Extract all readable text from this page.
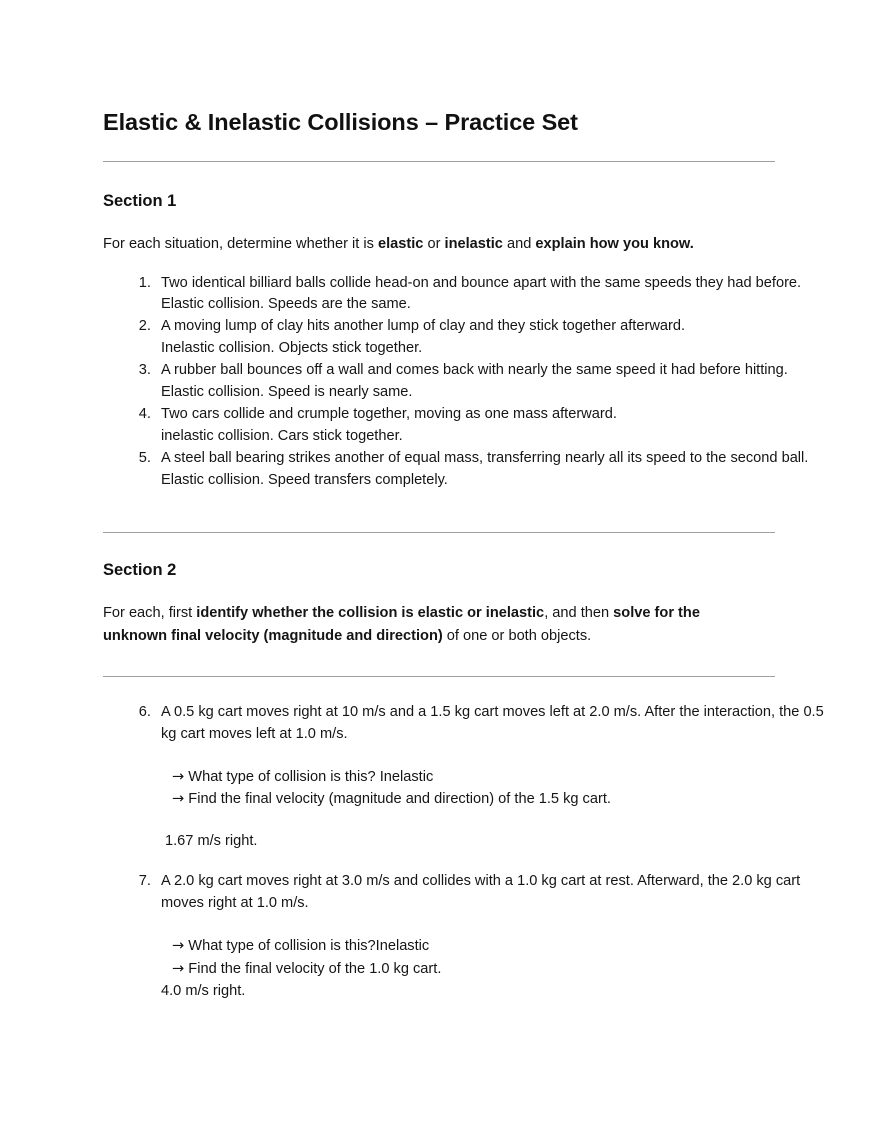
Elastic & Inelastic Collisions – Practice Set
Section 1

For each situation, determine whether it is elastic or inelastic and explain how you know.

1. Two identical billiard balls collide head-on and bounce apart with the same speeds they had before.
Elastic collision. Speeds are the same.
2. A moving lump of clay hits another lump of clay and they stick together afterward.
Inelastic collision. Objects stick together.
3. A rubber ball bounces off a wall and comes back with nearly the same speed it had before hitting.
Elastic collision. Speed is nearly same.
4. Two cars collide and crumple together, moving as one mass afterward.
inelastic collision. Cars stick together.
5. A steel ball bearing strikes another of equal mass, transferring nearly all its speed to the second ball. Elastic collision. Speed transfers completely.
Section 2

For each, first identify whether the collision is elastic or inelastic, and then solve for the unknown final velocity (magnitude and direction) of one or both objects.

6. A 0.5 kg cart moves right at 10 m/s and a 1.5 kg cart moves left at 2.0 m/s. After the interaction, the 0.5 kg cart moves left at 1.0 m/s.
→ What type of collision is this? Inelastic
→ Find the final velocity (magnitude and direction) of the 1.5 kg cart.
1.67 m/s right.
7. A 2.0 kg cart moves right at 3.0 m/s and collides with a 1.0 kg cart at rest. Afterward, the 2.0 kg cart moves right at 1.0 m/s.
→ What type of collision is this?Inelastic
→ Find the final velocity of the 1.0 kg cart.
4.0 m/s right.
